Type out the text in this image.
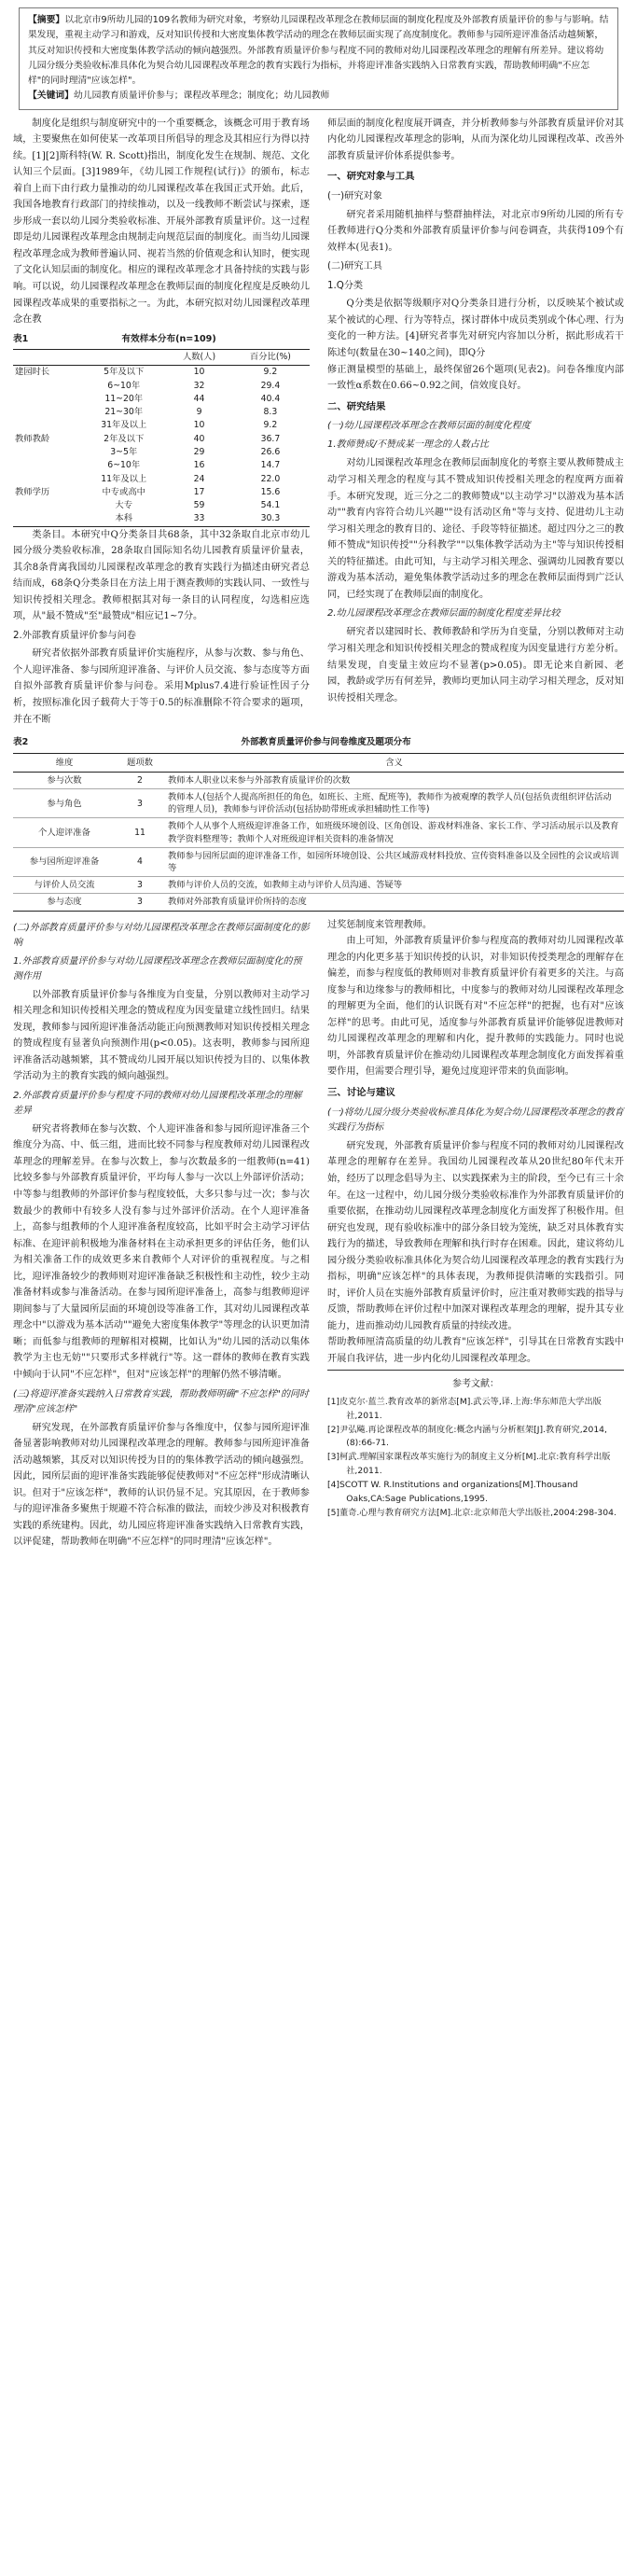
【摘要】以北京市9所幼儿园的109名教师为研究对象，考察幼儿园课程改革理念在教师层面的制度化程度及外部教育质量评价的参与与影响。结果发现，重视主动学习和游戏，反对知识传授和大密度集体教学活动的理念在教师层面实现了高度制度化。教师参与园所迎评准备活动越频繁，其反对知识传授和大密度集体教学活动的倾向越强烈。外部教育质量评价参与程度不同的教师对幼儿园课程改革理念的理解有所差异。建议将幼儿园分级分类验收标准具体化为契合幼儿园课程改革理念的教育实践行为指标，并将迎评准备实践纳入日常教育实践，帮助教师明确"不应怎样"的同时理清"应该怎样"。
【关键词】幼儿园教育质量评价参与；课程改革理念；制度化；幼儿园教师

制度化是组织与制度研究中的一个重要概念，该概念可用于教育场域，主要聚焦在如何使某一改革项目所倡导的理念及其相应行为得以持续。[1][2]斯科特(W. R. Scott)指出，制度化发生在规制、规范、文化认知三个层面。[3]1989年，《幼儿园工作规程(试行)》的颁布，标志着自上而下由行政力量推动的幼儿园课程改革在我国正式开始。此后，我国各地教育行政部门的持续推动，以及一线教师不断尝试与探索，逐步形成一套以幼儿园分类验收标准、开展外部教育质量评价。这一过程即是幼儿园课程改革理念由规制走向规范层面的制度化。而当幼儿园课程改革理念成为教师普遍认同、视若当然的价值观念和认知时，便实现了文化认知层面的制度化。相应的课程改革理念才具备持续的实践与影响。可以说，幼儿园课程改革理念在教师层面的制度化程度是反映幼儿园课程改革成果的重要指标之一。为此，本研究拟对幼儿园课程改革理念在教

表1	有效样本分布(n=109)
		人数(人)	百分比(%)
建园时长	5年及以下	10	9.2
	6~10年	32	29.4
	11~20年	44	40.4
	21~30年	9	8.3
	31年及以上	10	9.2
教师教龄	2年及以下	40	36.7
	3~5年	29	26.6
	6~10年	16	14.7
	11年及以上	24	22.0
教师学历	中专或高中	17	15.6
	大专	59	54.1
	本科	33	30.3

类条目。本研究中Q分类条目共68条，其中32条取自北京市幼儿园分级分类验收标准，28条取自国际知名幼儿园教育质量评价量表，其余8条背离我国幼儿园课程改革理念的教育实践行为描述由研究者总结而成，68条Q分类条目在方法上用于测查教师的实践认同、一致性与知识传授相关理念。教师根据其对每一条目的认同程度，勾选相应选项，从"最不赞成"至"最赞成"相应记1~7分。

2.外部教育质量评价参与问卷

研究者依据外部教育质量评价实施程序，从参与次数、参与角色、个人迎评准备、参与园所迎评准备、与评价人员交流、参与态度等方面自拟外部教育质量评价参与问卷。采用Mplus7.4进行验证性因子分析，按照标准化因子载荷大于等于0.5的标准删除不符合要求的题项，并在不断

师层面的制度化程度展开调查，并分析教师参与外部教育质量评价对其内化幼儿园课程改革理念的影响，从而为深化幼儿园课程改革、改善外部教育质量评价体系提供参考。

一、研究对象与工具

(一)研究对象

研究者采用随机抽样与整群抽样法，对北京市9所幼儿园的所有专任教师进行Q分类和外部教育质量评价参与问卷调查，共获得109个有效样本(见表1)。

(二)研究工具

1.Q分类

Q分类是依据等级顺序对Q分类条目进行分析，以反映某个被试或某个被试的心理、行为等特点，探讨群体中成员类别或个体心理、行为变化的一种方法。[4]研究者事先对研究内容加以分析，据此形成若干陈述句(数量在30~140之间)，即Q分

修正测量模型的基础上，最终保留26个题项(见表2)。问卷各维度内部一致性α系数在0.66~0.92之间，信效度良好。

二、研究结果

(一)幼儿园课程改革理念在教师层面的制度化程度

1.教师赞成/不赞成某一理念的人数占比

对幼儿园课程改革理念在教师层面制度化的考察主要从教师赞成主动学习相关理念的程度与其不赞成知识传授相关理念的程度两方面着手。本研究发现，近三分之二的教师赞成"以主动学习"以游戏为基本活动""教育内容符合幼儿兴趣""设有活动区角"等与支持、促进幼儿主动学习相关理念的教育目的、途径、手段等特征描述。超过四分之三的教师不赞成"知识传授""分科教学""以集体教学活动为主"等与知识传授相关的特征描述。由此可知，与主动学习相关理念、强调幼儿园教育要以游戏为基本活动，避免集体教学活动过多的理念在教师层面得到广泛认同，已经实现了在教师层面的制度化。

2.幼儿园课程改革理念在教师层面的制度化程度差异比较

研究者以建园时长、教师教龄和学历为自变量，分别以教师对主动学习相关理念和知识传授相关理念的赞成程度为因变量进行方差分析。结果发现，自变量主效应均不显著(p>0.05)。即无论来自新园、老园，教龄或学历有何差异，教师均更加认同主动学习相关理念，反对知识传授相关理念。

表2	外部教育质量评价参与问卷维度及题项分布
维度	题项数	含义
参与次数	2	教师本人职业以来参与外部教育质量评价的次数
参与角色	3	教师本人(包括个人提高所担任的角色，如班长、主班、配班等)，教师作为被观摩的教学人员(包括负责组织评估活动的管理人员)，教师参与评价活动(包括协助带班或承担辅助性工作等)
个人迎评准备	11	教师个人从事个人班级迎评准备工作，如班级环境创设、区角创设、游戏材料准备、家长工作、学习活动展示以及教育教学资料整理等；教师个人对班级迎评相关资料的准备情况
参与园所迎评准备	4	教师参与园所层面的迎评准备工作，如园所环境创设、公共区域游戏材料投放、宣传资料准备以及全园性的会议或培训等
与评价人员交流	3	教师与评价人员的交流，如教师主动与评价人员沟通、答疑等
参与态度	3	教师对外部教育质量评价所持的态度

(二)外部教育质量评价参与对幼儿园课程改革理念在教师层面制度化的影响

1.外部教育质量评价参与对幼儿园课程改革理念在教师层面制度化的预测作用

以外部教育质量评价参与各维度为自变量，分别以教师对主动学习相关理念和知识传授相关理念的赞成程度为因变量建立线性回归。结果发现，教师参与园所迎评准备活动能正向预测教师对知识传授相关理念的赞成程度有显著负向预测作用(p<0.05)。这表明，教师参与园所迎评准备活动越频繁，其不赞成幼儿园开展以知识传授为目的、以集体教学活动为主的教育实践的倾向越强烈。

2.外部教育质量评价参与程度不同的教师对幼儿园课程改革理念的理解差异

研究者将教师在参与次数、个人迎评准备和参与园所迎评准备三个维度分为高、中、低三组，进而比较不同参与程度教师对幼儿园课程改革理念的理解差异。在参与次数上，参与次数最多的一组教师(n=41)比较多参与外部教育质量评价，平均每人参与一次以上外部评价活动；中等参与组教师的外部评价参与程度较低，大多只参与过一次；参与次数最少的教师中有较多人没有参与过外部评价活动。在个人迎评准备上，高参与组教师的个人迎评准备程度较高，比如平时会主动学习评估标准、在迎评前积极地为准备材料在主动承担更多的评估任务，他们认为相关准备工作的成效更多来自教师个人对评价的重视程度。与之相比，迎评准备较少的教师则对迎评准备缺乏积极性和主动性，较少主动准备材料或参与准备活动。在参与园所迎评准备上，高参与组教师迎评期间参与了大量园所层面的环境创设等准备工作，其对幼儿园课程改革理念中"以游戏为基本活动""避免大密度集体教学"等理念的认识更加清晰；而低参与组教师的理解相对模糊，比如认为"幼儿园的活动以集体教学为主也无妨""只要形式多样就行"等。这一群体的教师在教育实践中倾向于认同"不应怎样"，但对"应该怎样"的理解仍然不够清晰。

(三)将迎评准备实践纳入日常教育实践，帮助教师明确"不应怎样"的同时理清"应该怎样"

研究发现，在外部教育质量评价参与各维度中，仅参与园所迎评准备显著影响教师对幼儿园课程改革理念的理解。教师参与园所迎评准备活动越频繁，其反对以知识传授为目的的集体教学活动的倾向越强烈。因此，园所层面的迎评准备实践能够促使教师对"不应怎样"形成清晰认识。但对于"应该怎样"，教师的认识仍显不足。究其原因，在于教师参与的迎评准备多聚焦于规避不符合标准的做法，而较少涉及对积极教育实践的系统建构。因此，幼儿园应将迎评准备实践纳入日常教育实践，以评促建，帮助教师在明确"不应怎样"的同时理清"应该怎样"。

过奖惩制度来管理教师。

由上可知，外部教育质量评价参与程度高的教师对幼儿园课程改革理念的内化更多基于知识传授的认识，对非知识传授类理念的理解存在偏差，而参与程度低的教师则对非教育质量评价有着更多的关注。与高度参与和边缘参与的教师相比，中度参与的教师对幼儿园课程改革理念的理解更为全面，他们的认识既有对"不应怎样"的把握，也有对"应该怎样"的思考。由此可见，适度参与外部教育质量评价能够促进教师对幼儿园课程改革理念的理解和内化，提升教师的实践能力。同时也说明，外部教育质量评价在推动幼儿园课程改革理念制度化方面发挥着重要作用，但需要合理引导，避免过度迎评带来的负面影响。

三、讨论与建议

(一)将幼儿园分级分类验收标准具体化为契合幼儿园课程改革理念的教育实践行为指标

研究发现，外部教育质量评价参与程度不同的教师对幼儿园课程改革理念的理解存在差异。我国幼儿园课程改革从20世纪80年代末开始，经历了以理念倡导为主、以实践探索为主的阶段，至今已有三十余年。在这一过程中，幼儿园分级分类验收标准作为外部教育质量评价的重要依据，在推动幼儿园课程改革理念制度化方面发挥了积极作用。但研究也发现，现有验收标准中的部分条目较为笼统，缺乏对具体教育实践行为的描述，导致教师在理解和执行时存在困难。因此，建议将幼儿园分级分类验收标准具体化为契合幼儿园课程改革理念的教育实践行为指标，明确"应该怎样"的具体表现，为教师提供清晰的实践指引。同时，评价人员在实施外部教育质量评价时，应注重对教师实践的指导与反馈，帮助教师在评价过程中加深对课程改革理念的理解，提升其专业能力，进而推动幼儿园教育质量的持续改进。

帮助教师厘清高质量的幼儿教育"应该怎样"，引导其在日常教育实践中开展自我评估，进一步内化幼儿园课程改革理念。

参考文献：

[1]皮克尔·蓝兰.教育改革的新常态[M].武云等,译.上海:华东师范大学出版社,2011.

[2]尹弘飚.再论课程改革的制度化:概念内涵与分析框架[J].教育研究,2014,(8):66-71.

[3]柯武.理解国家课程改革实施行为的制度主义分析[M].北京:教育科学出版社,2011.

[4]SCOTT W. R.Institutions and organizations[M].Thousand Oaks,CA:Sage Publications,1995.

[5]董奇.心理与教育研究方法[M].北京:北京师范大学出版社,2004:298-304.
